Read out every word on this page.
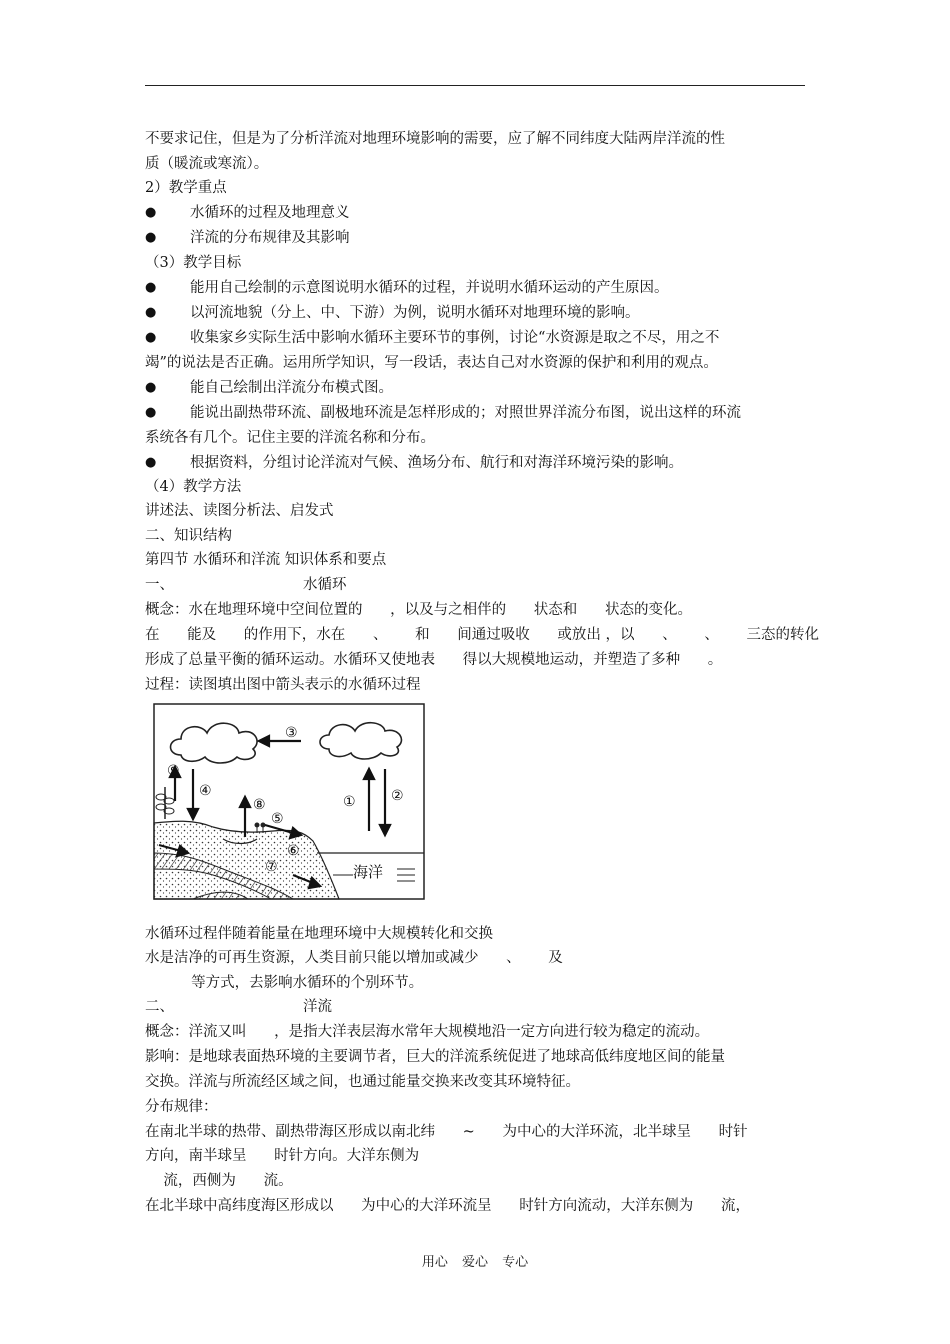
不要求记住，但是为了分析洋流对地理环境影响的需要，应了解不同纬度大陆两岸洋流的性
质（暖流或寒流）。
2）教学重点
● 水循环的过程及地理意义
● 洋流的分布规律及其影响
（3）教学目标
● 能用自己绘制的示意图说明水循环的过程，并说明水循环运动的产生原因。
● 以河流地貌（分上、中、下游）为例，说明水循环对地理环境的影响。
● 收集家乡实际生活中影响水循环主要环节的事例，讨论“水资源是取之不尽，用之不
竭”的说法是否正确。运用所学知识，写一段话，表达自己对水资源的保护和利用的观点。
● 能自己绘制出洋流分布模式图。
● 能说出副热带环流、副极地环流是怎样形成的；对照世界洋流分布图，说出这样的环流
系统各有几个。记住主要的洋流名称和分布。
● 根据资料，分组讨论洋流对气候、渔场分布、航行和对海洋环境污染的影响。
（4）教学方法
讲述法、读图分析法、启发式
二、知识结构
第四节 水循环和洋流 知识体系和要点
一、                            水循环
概念：水在地理环境中空间位置的      ，以及与之相伴的      状态和      状态的变化。
在      能及      的作用下，水在      、      和      间通过吸收      或放出 ，以      、      、      三态的转化
形成了总量平衡的循环运动。水循环又使地表      得以大规模地运动，并塑造了多种      。
过程：读图填出图中箭头表示的水循环过程
③
①	②
④
⑤
⑥
⑦
⑧
⑨
海洋
水循环过程伴随着能量在地理环境中大规模转化和交换
水是洁净的可再生资源，人类目前只能以增加或减少      、      及
等方式，去影响水循环的个别环节。
二、                            洋流
概念：洋流又叫      ，是指大洋表层海水常年大规模地沿一定方向进行较为稳定的流动。
影响：是地球表面热环境的主要调节者，巨大的洋流系统促进了地球高低纬度地区间的能量
交换。洋流与所流经区域之间，也通过能量交换来改变其环境特征。
分布规律：
在南北半球的热带、副热带海区形成以南北纬      ~      为中心的大洋环流，北半球呈      时针
方向，南半球呈      时针方向。大洋东侧为
流，西侧为      流。
在北半球中高纬度海区形成以      为中心的大洋环流呈      时针方向流动，大洋东侧为      流，
用心 爱心 专心
